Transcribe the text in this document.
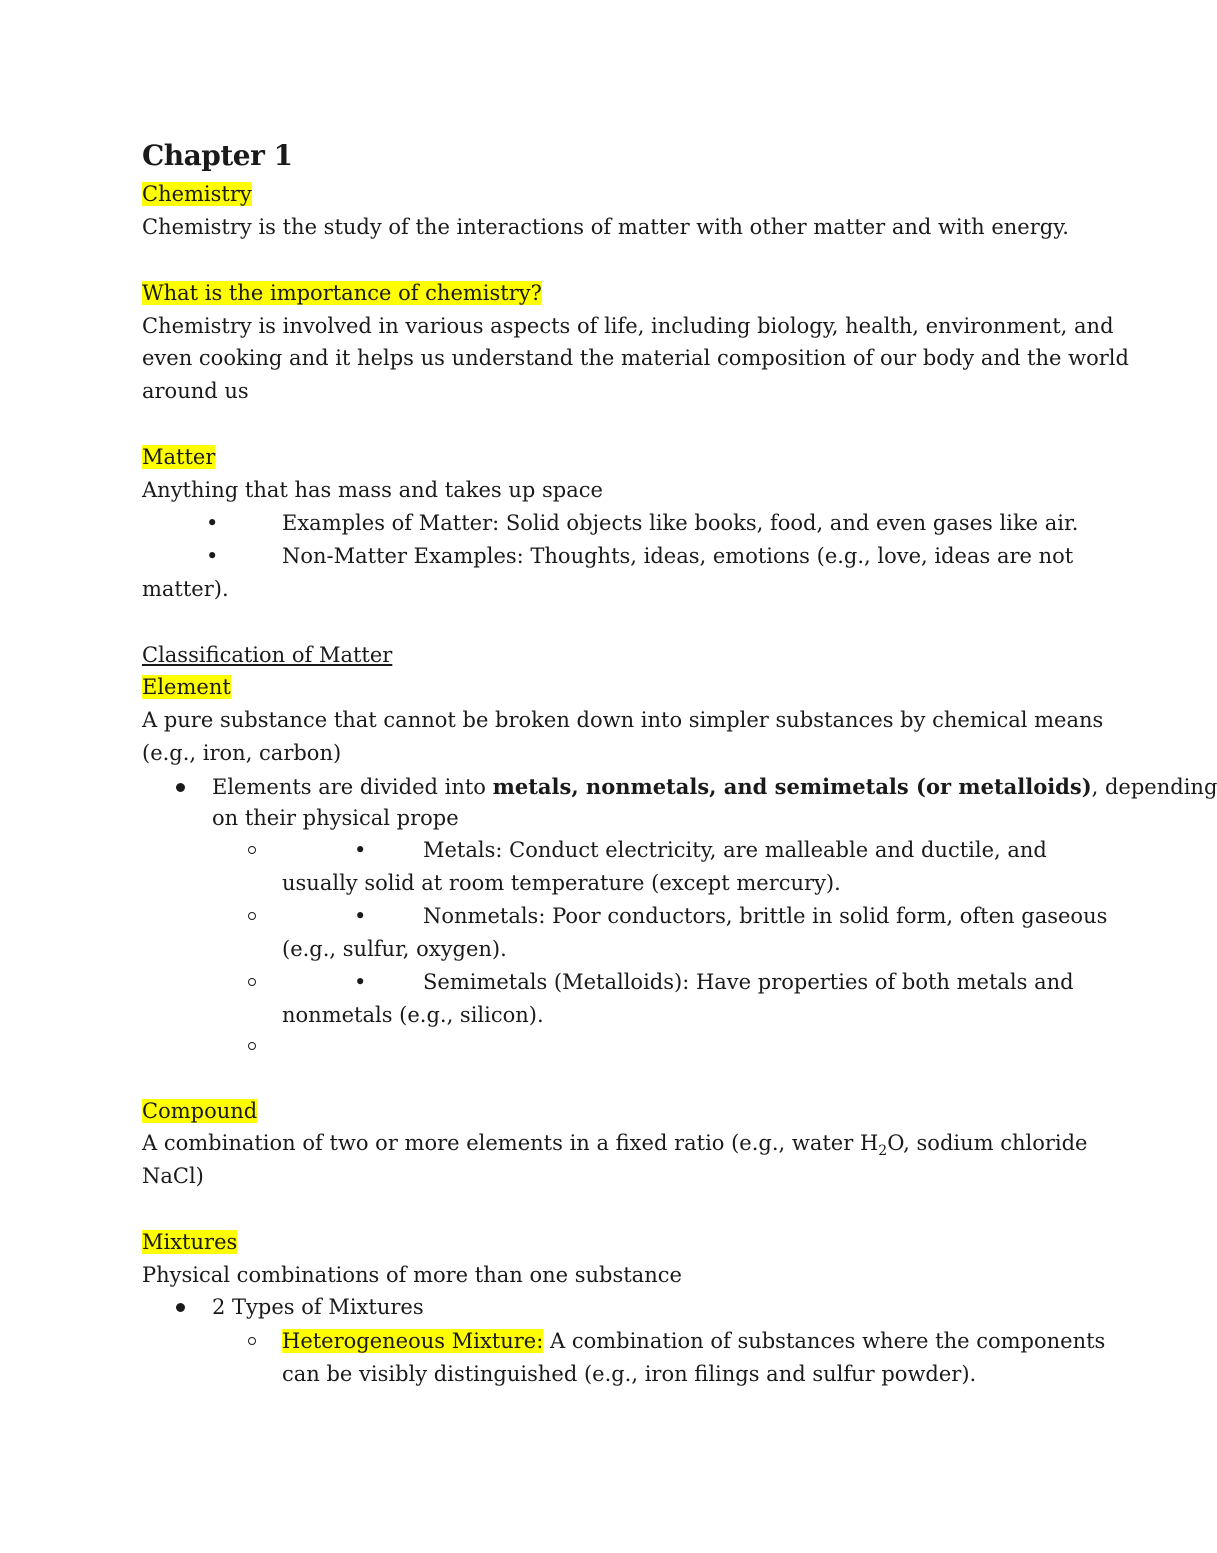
Chapter 1
Chemistry
Chemistry is the study of the interactions of matter with other matter and with energy.
What is the importance of chemistry?
Chemistry is involved in various aspects of life, including biology, health, environment, and
even cooking and it helps us understand the material composition of our body and the world
around us
Matter
Anything that has mass and takes up space
•	Examples of Matter: Solid objects like books, food, and even gases like air.
•	Non-Matter Examples: Thoughts, ideas, emotions (e.g., love, ideas are not
matter).
Classification of Matter
Element
A pure substance that cannot be broken down into simpler substances by chemical means
(e.g., iron, carbon)
Elements are divided into metals, nonmetals, and semimetals (or metalloids), depending
on their physical prope
•	Metals: Conduct electricity, are malleable and ductile, and
usually solid at room temperature (except mercury).
•	Nonmetals: Poor conductors, brittle in solid form, often gaseous
(e.g., sulfur, oxygen).
•	Semimetals (Metalloids): Have properties of both metals and
nonmetals (e.g., silicon).
Compound
A combination of two or more elements in a fixed ratio (e.g., water $H_2O$, sodium chloride
NaCl)
Mixtures
Physical combinations of more than one substance
2 Types of Mixtures
Heterogeneous Mixture: A combination of substances where the components
can be visibly distinguished (e.g., iron filings and sulfur powder).
